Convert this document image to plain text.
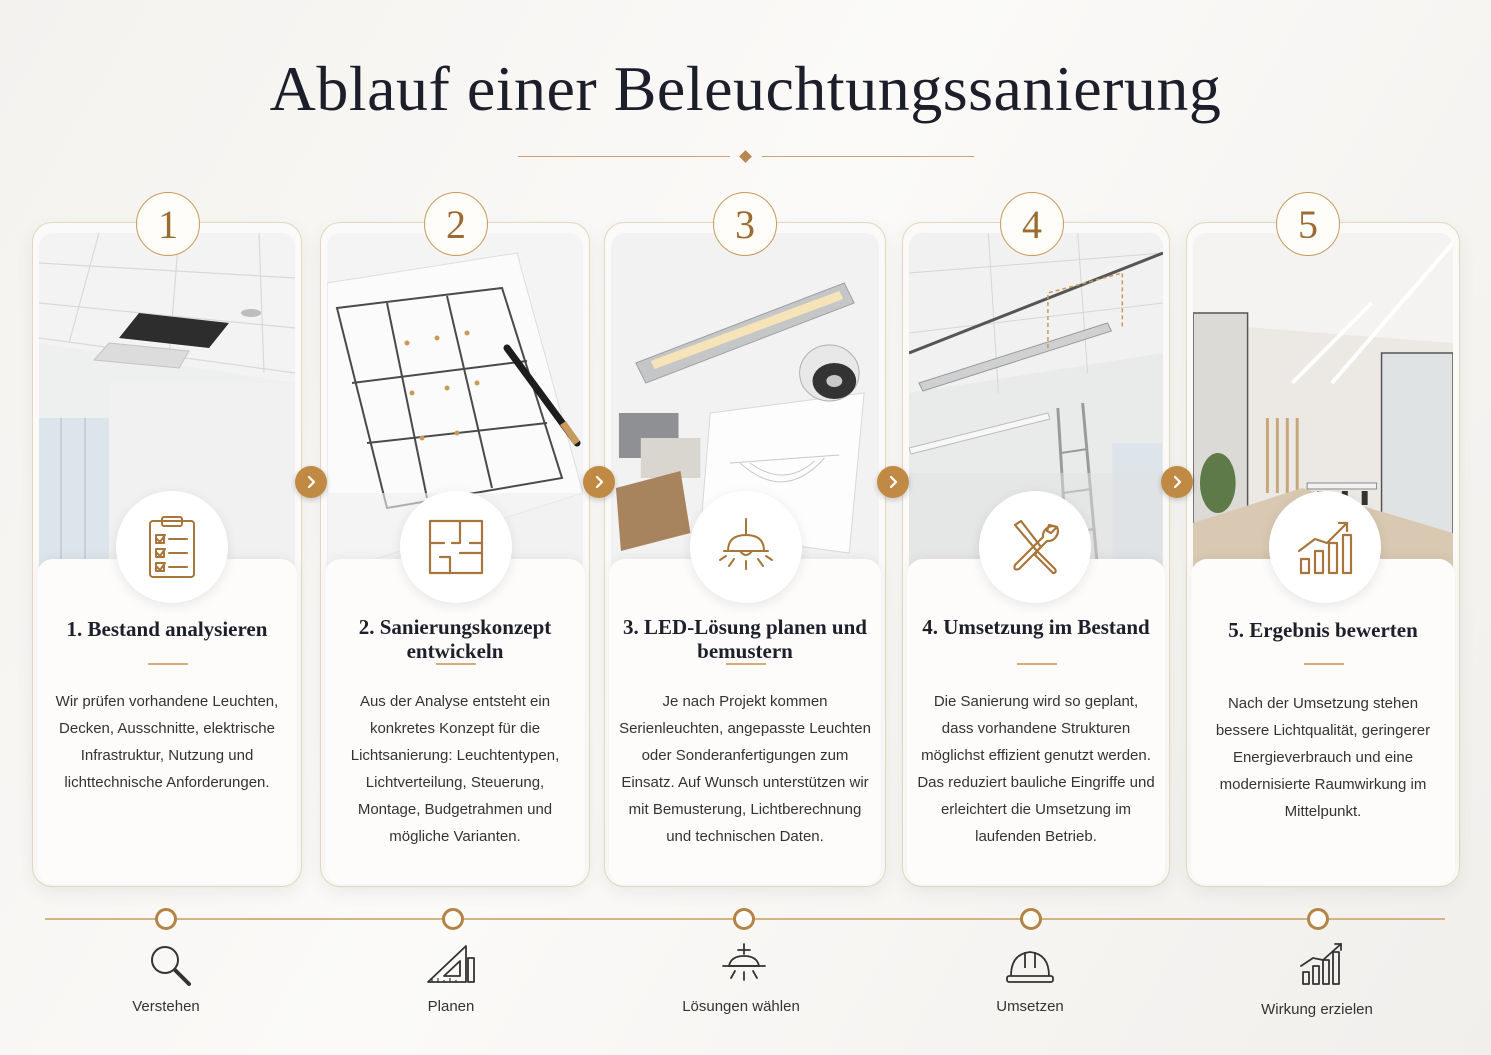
Ablauf einer Beleuchtungssanierung
1
1. Bestand analysieren
Wir prüfen vorhandene Leuchten, Decken, Ausschnitte, elektrische Infrastruktur, Nutzung und lichttechnische Anforderungen.
2
2. Sanierungskonzept entwickeln
Aus der Analyse entsteht ein konkretes Konzept für die Lichtsanierung: Leuchtentypen, Lichtverteilung, Steuerung, Montage, Budgetrahmen und mögliche Varianten.
3
3. LED-Lösung planen und bemustern
Je nach Projekt kommen Serienleuchten, angepasste Leuchten oder Sonderanfertigungen zum Einsatz. Auf Wunsch unterstützen wir mit Bemusterung, Lichtberechnung und technischen Daten.
4
4. Umsetzung im Bestand
Die Sanierung wird so geplant, dass vorhandene Strukturen möglichst effizient genutzt werden. Das reduziert bauliche Eingriffe und erleichtert die Umsetzung im laufenden Betrieb.
5
5. Ergebnis bewerten
Nach der Umsetzung stehen bessere Lichtqualität, geringerer Energieverbrauch und eine modernisierte Raumwirkung im Mittelpunkt.
Verstehen	Planen	Lösungen wählen	Umsetzen	Wirkung erzielen
